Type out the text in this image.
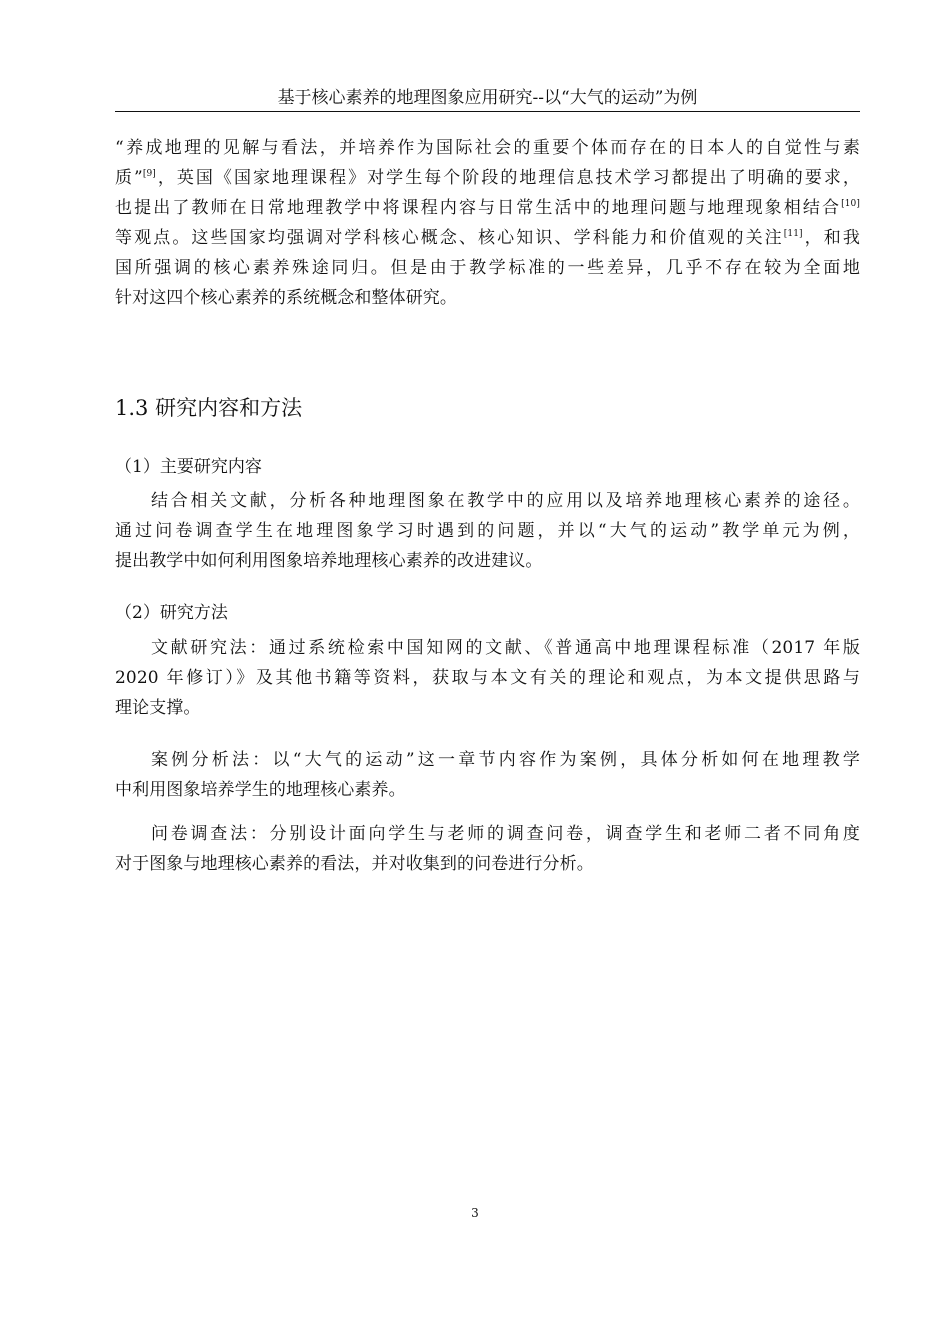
基于核心素养的地理图象应用研究--以“大气的运动”为例
“养成地理的见解与看法，并培养作为国际社会的重要个体而存在的日本人的自觉性与素
质”[9]，英国《国家地理课程》对学生每个阶段的地理信息技术学习都提出了明确的要求，
也提出了教师在日常地理教学中将课程内容与日常生活中的地理问题与地理现象相结合[10]
等观点。这些国家均强调对学科核心概念、核心知识、学科能力和价值观的关注[11]，和我
国所强调的核心素养殊途同归。但是由于教学标准的一些差异，几乎不存在较为全面地
针对这四个核心素养的系统概念和整体研究。
1.3 研究内容和方法
（1）主要研究内容
结合相关文献，分析各种地理图象在教学中的应用以及培养地理核心素养的途径。
通过问卷调查学生在地理图象学习时遇到的问题，并以“大气的运动”教学单元为例，
提出教学中如何利用图象培养地理核心素养的改进建议。
（2）研究方法
文献研究法：通过系统检索中国知网的文献、《普通高中地理课程标准（2017 年版
2020 年修订）》及其他书籍等资料，获取与本文有关的理论和观点，为本文提供思路与
理论支撑。
案例分析法：以“大气的运动”这一章节内容作为案例，具体分析如何在地理教学
中利用图象培养学生的地理核心素养。
问卷调查法：分别设计面向学生与老师的调查问卷，调查学生和老师二者不同角度
对于图象与地理核心素养的看法，并对收集到的问卷进行分析。
3
